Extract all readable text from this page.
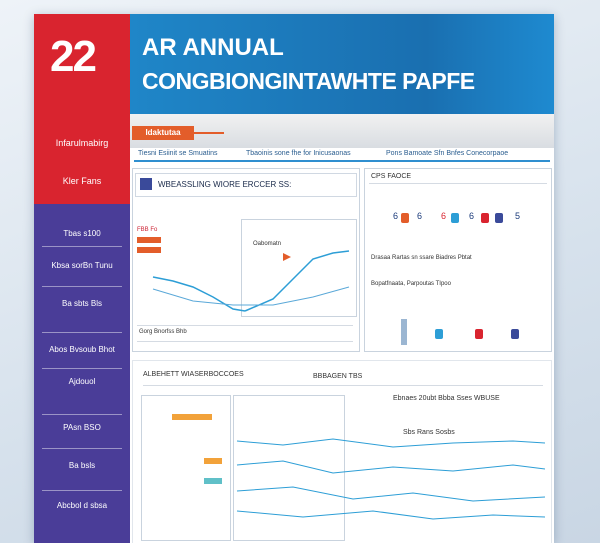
22 AR ANNUAL
CONGBIONGINTAWHTE PAPFE
Idaktutaa
Infarulmabirg
Kler Fans
Tbas s100
Kbsa sorBn Tunu
Ba sbts Bls
Abos Bvsoub Bhot
Ajdouol
PAsn BSO
Ba bsls
Abcbol d sbsa
Tiesni Esiinit se Smuatins	Tbaoinis sone fhe for Inicusaonas	Pons Bamoate Sfn Bnfes Conecorpaoe
WBEASSLING WIORE ERCCER SS:
FBB Fo
Oabomatn
Gorg Bnorfss Bhb
CPS FAOCE
6 6 6	6	5
Drasaa Rartas sn ssare Biadres Pbtat
Bopatfnaata, Parpoutas TIpoo
ALBEHETT WIASERBOCCOES	BBBAGEN TBS
Ebnaes 20ubt Bbba Sses WBUSE
Sbs Rans Sosbs
